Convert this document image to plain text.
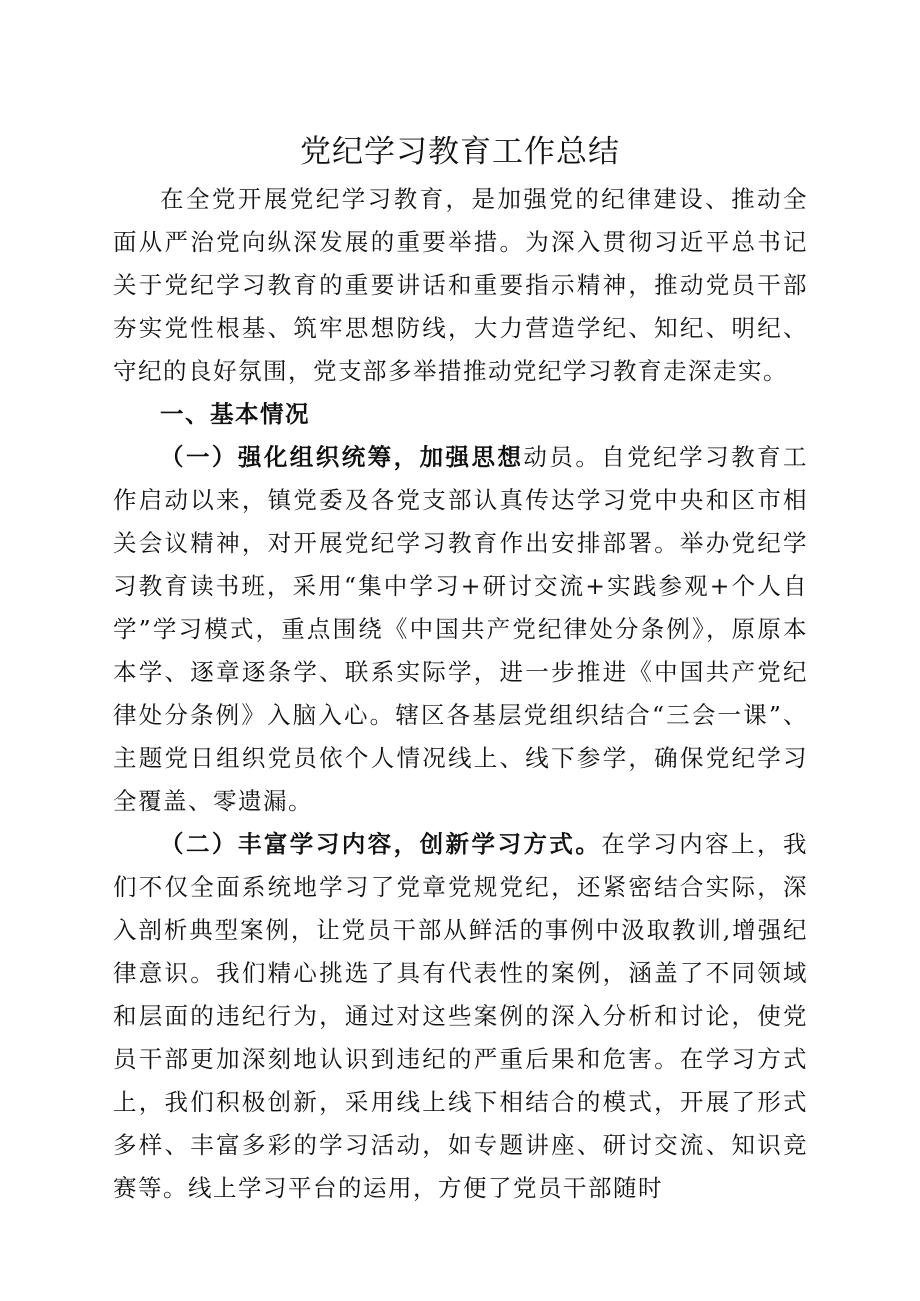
党纪学习教育工作总结

在全党开展党纪学习教育，是加强党的纪律建设、推动全面从严治党向纵深发展的重要举措。为深入贯彻习近平总书记关于党纪学习教育的重要讲话和重要指示精神，推动党员干部夯实党性根基、筑牢思想防线，大力营造学纪、知纪、明纪、守纪的良好氛围，党支部多举措推动党纪学习教育走深走实。

一、基本情况

（一）强化组织统筹，加强思想动员。自党纪学习教育工作启动以来，镇党委及各党支部认真传达学习党中央和区市相关会议精神，对开展党纪学习教育作出安排部署。举办党纪学习教育读书班，采用“集中学习+研讨交流+实践参观+个人自学”学习模式，重点围绕《中国共产党纪律处分条例》，原原本本学、逐章逐条学、联系实际学，进一步推进《中国共产党纪律处分条例》入脑入心。辖区各基层党组织结合“三会一课”、主题党日组织党员依个人情况线上、线下参学，确保党纪学习全覆盖、零遗漏。

（二）丰富学习内容，创新学习方式。在学习内容上，我们不仅全面系统地学习了党章党规党纪，还紧密结合实际，深入剖析典型案例，让党员干部从鲜活的事例中汲取教训,增强纪律意识。我们精心挑选了具有代表性的案例，涵盖了不同领域和层面的违纪行为，通过对这些案例的深入分析和讨论，使党员干部更加深刻地认识到违纪的严重后果和危害。在学习方式上，我们积极创新，采用线上线下相结合的模式，开展了形式多样、丰富多彩的学习活动，如专题讲座、研讨交流、知识竞赛等。线上学习平台的运用，方便了党员干部随时
